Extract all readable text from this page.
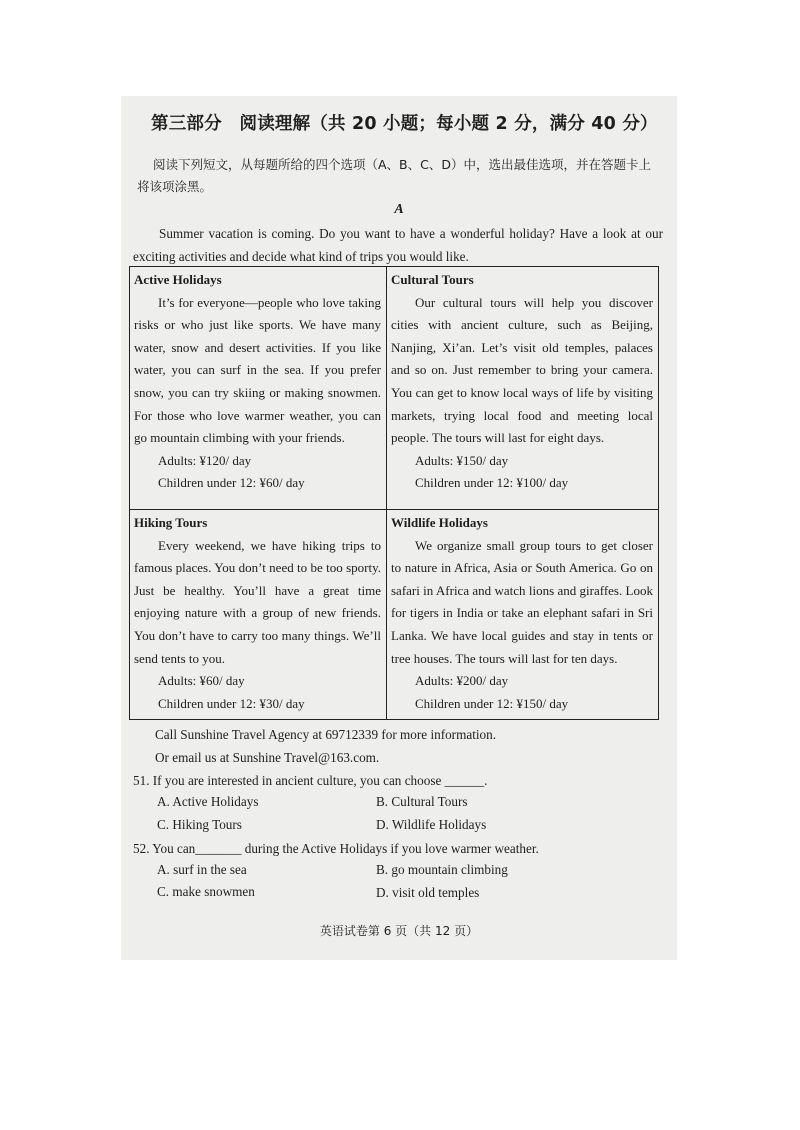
第三部分　阅读理解（共 20 小题；每小题 2 分，满分 40 分）
阅读下列短文，从每题所给的四个选项（A、B、C、D）中，选出最佳选项，并在答题卡上将该项涂黑。
A
Summer vacation is coming. Do you want to have a wonderful holiday? Have a look at our exciting activities and decide what kind of trips you would like.
Active Holidays
It’s for everyone—people who love taking risks or who just like sports. We have many water, snow and desert activities. If you like water, you can surf in the sea. If you prefer snow, you can try skiing or making snowmen. For those who love warmer weather, you can go mountain climbing with your friends.
Adults: ¥120/ day
Children under 12: ¥60/ day
Cultural Tours
Our cultural tours will help you discover cities with ancient culture, such as Beijing, Nanjing, Xi’an. Let’s visit old temples, palaces and so on. Just remember to bring your camera. You can get to know local ways of life by visiting markets, trying local food and meeting local people. The tours will last for eight days.
Adults: ¥150/ day
Children under 12: ¥100/ day
Hiking Tours
Every weekend, we have hiking trips to famous places. You don’t need to be too sporty. Just be healthy. You’ll have a great time enjoying nature with a group of new friends. You don’t have to carry too many things. We’ll send tents to you.
Adults: ¥60/ day
Children under 12: ¥30/ day
Wildlife Holidays
We organize small group tours to get closer to nature in Africa, Asia or South America. Go on safari in Africa and watch lions and giraffes. Look for tigers in India or take an elephant safari in Sri Lanka. We have local guides and stay in tents or tree houses. The tours will last for ten days.
Adults: ¥200/ day
Children under 12: ¥150/ day
Call Sunshine Travel Agency at 69712339 for more information.
Or email us at Sunshine Travel@163.com.
51. If you are interested in ancient culture, you can choose ______.
A. Active Holidays	B. Cultural Tours
C. Hiking Tours	D. Wildlife Holidays
52. You can_______ during the Active Holidays if you love warmer weather.
A. surf in the sea	B. go mountain climbing
C. make snowmen	D. visit old temples
英语试卷第 6 页（共 12 页）
